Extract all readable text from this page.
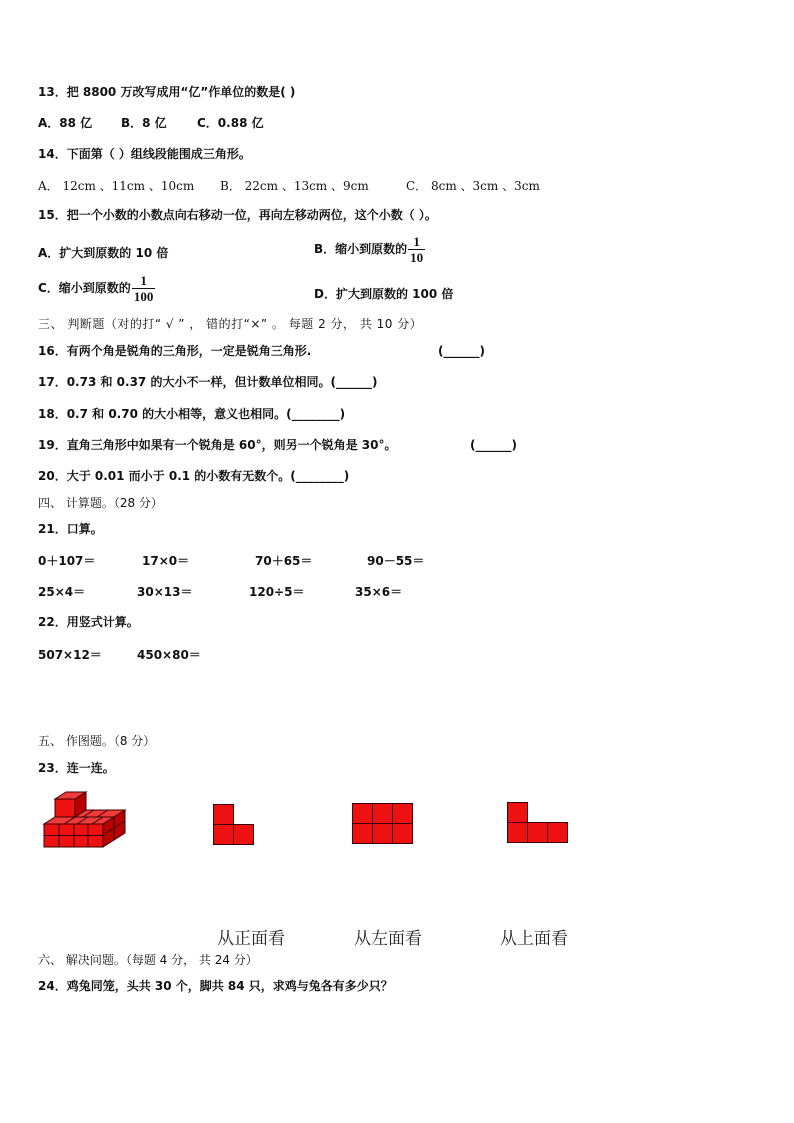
13．把 8800 万改写成用“亿”作单位的数是( )
A．88 亿 B．8 亿	C．0.88 亿
14．下面第（ ）组线段能围成三角形。
A． 12cm 、11cm 、10cm B． 22cm 、13cm 、9cm	C． 8cm 、3cm 、3cm
15．把一个小数的小数点向右移动一位，再向左移动两位，这个小数（ ）。
A．扩大到原数的 10 倍	B．缩小到原数的 $\frac{1}{10}$
C．缩小到原数的 $\frac{1}{100}$	D．扩大到原数的 100 倍
三、 判断题（对的打“ √ ” ， 错的打“×” 。 每题 2 分， 共 10 分）
16．有两个角是锐角的三角形，一定是锐角三角形.	(______)
17．0.73 和 0.37 的大小不一样，但计数单位相同。(______)
18．0.7 和 0.70 的大小相等，意义也相同。(________)
19．直角三角形中如果有一个锐角是 60°，则另一个锐角是 30°。	(______)
20．大于 0.01 而小于 0.1 的小数有无数个。(________)
四、 计算题。（28 分）
21．口算。
0＋107＝	17×0＝	70＋65＝	90－55＝
25×4＝	30×13＝	120÷5＝	35×6＝
22．用竖式计算。
507×12＝	450×80＝
五、 作图题。（8 分）
23．连一连。
从正面看	从左面看	从上面看
六、 解决问题。（每题 4 分， 共 24 分）
24．鸡兔同笼，头共 30 个，脚共 84 只，求鸡与兔各有多少只？
